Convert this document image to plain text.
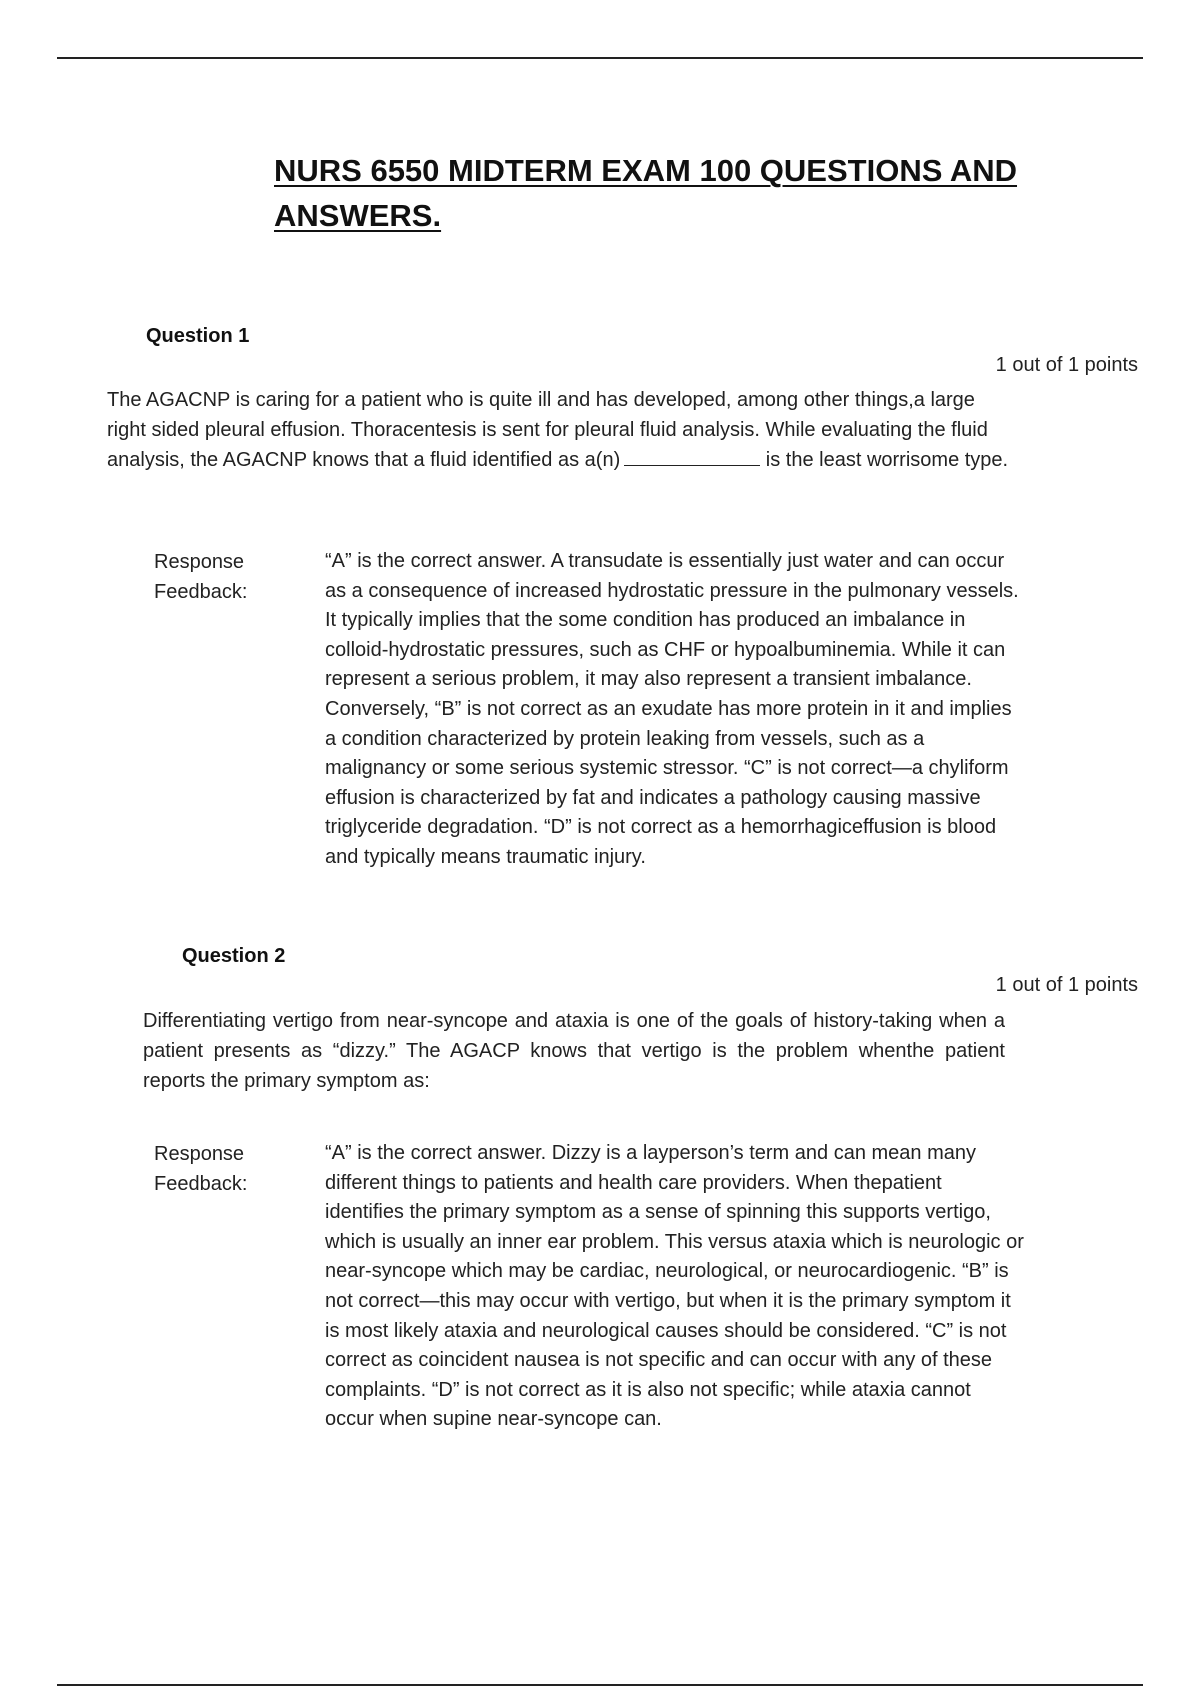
NURS 6550 MIDTERM EXAM 100 QUESTIONS AND ANSWERS.
Question 1
1 out of 1 points

The AGACNP is caring for a patient who is quite ill and has developed, among other things,a large right sided pleural effusion. Thoracentesis is sent for pleural fluid analysis. While evaluating the fluid analysis, the AGACNP knows that a fluid identified as a(n)	is the least worrisome type.

Response
Feedback:

“A” is the correct answer. A transudate is essentially just water and can occur as a consequence of increased hydrostatic pressure in the pulmonary vessels. It typically implies that the some condition has produced an imbalance in colloid-hydrostatic pressures, such as CHF or hypoalbuminemia. While it can represent a serious problem, it may also represent a transient imbalance. Conversely, “B” is not correct as an exudate has more protein in it and implies a condition characterized by protein leaking from vessels, such as a malignancy or some serious systemic stressor. “C” is not correct—a chyliform effusion is characterized by fat and indicates a pathology causing massive triglyceride degradation. “D” is not correct as a hemorrhagiceffusion is blood and typically means traumatic injury.

Question 2
1 out of 1 points

Differentiating vertigo from near-syncope and ataxia is one of the goals of history-taking when a patient presents as “dizzy.” The AGACP knows that vertigo is the problem whenthe patient reports the primary symptom as:

Response
Feedback:

“A” is the correct answer. Dizzy is a layperson’s term and can mean many different things to patients and health care providers. When thepatient identifies the primary symptom as a sense of spinning this supports vertigo, which is usually an inner ear problem. This versus ataxia which is neurologic or near-syncope which may be cardiac, neurological, or neurocardiogenic. “B” is not correct—this may occur with vertigo, but when it is the primary symptom it is most likely ataxia and neurological causes should be considered. “C” is not correct as coincident nausea is not specific and can occur with any of these complaints. “D” is not correct as it is also not specific; while ataxia cannot occur when supine near-syncope can.
